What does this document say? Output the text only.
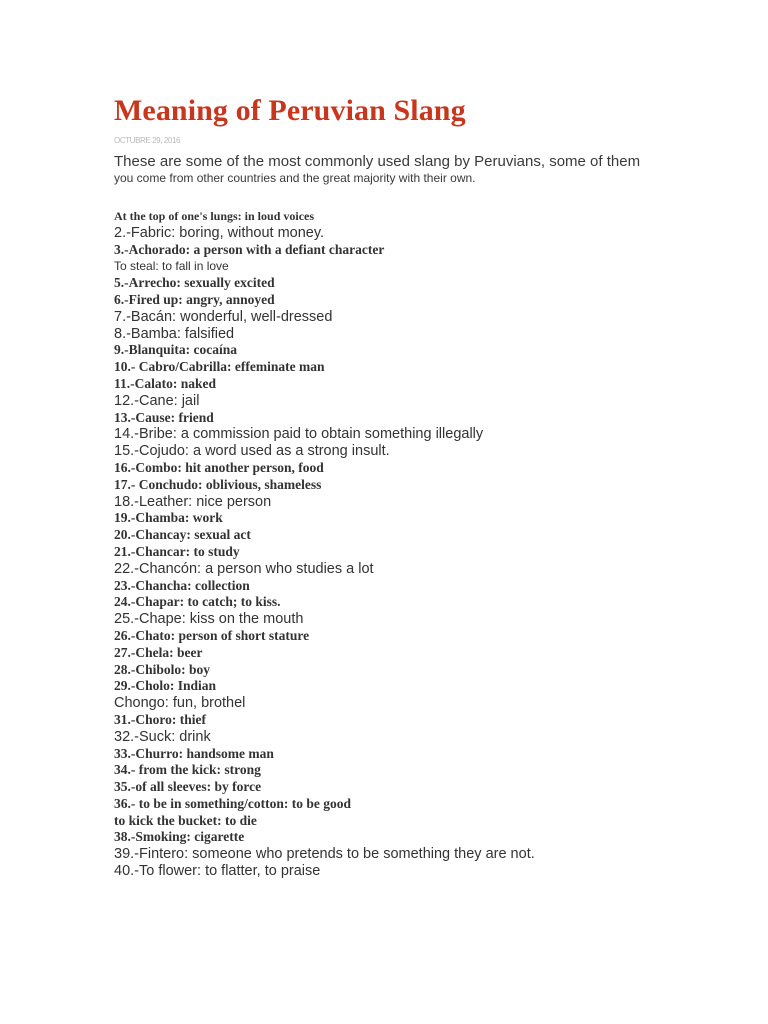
Meaning of Peruvian Slang
OCTUBRE 29, 2016
These are some of the most commonly used slang by Peruvians, some of them
you come from other countries and the great majority with their own.
At the top of one's lungs: in loud voices
2.-Fabric: boring, without money.
3.-Achorado: a person with a defiant character
To steal: to fall in love
5.-Arrecho: sexually excited
6.-Fired up: angry, annoyed
7.-Bacán: wonderful, well-dressed
8.-Bamba: falsified
9.-Blanquita: cocaína
10.- Cabro/Cabrilla: effeminate man
11.-Calato: naked
12.-Cane: jail
13.-Cause: friend
14.-Bribe: a commission paid to obtain something illegally
15.-Cojudo: a word used as a strong insult.
16.-Combo: hit another person, food
17.- Conchudo: oblivious, shameless
18.-Leather: nice person
19.-Chamba: work
20.-Chancay: sexual act
21.-Chancar: to study
22.-Chancón: a person who studies a lot
23.-Chancha: collection
24.-Chapar: to catch; to kiss.
25.-Chape: kiss on the mouth
26.-Chato: person of short stature
27.-Chela: beer
28.-Chibolo: boy
29.-Cholo: Indian
Chongo: fun, brothel
31.-Choro: thief
32.-Suck: drink
33.-Churro: handsome man
34.- from the kick: strong
35.-of all sleeves: by force
36.- to be in something/cotton: to be good
to kick the bucket: to die
38.-Smoking: cigarette
39.-Fintero: someone who pretends to be something they are not.
40.-To flower: to flatter, to praise
